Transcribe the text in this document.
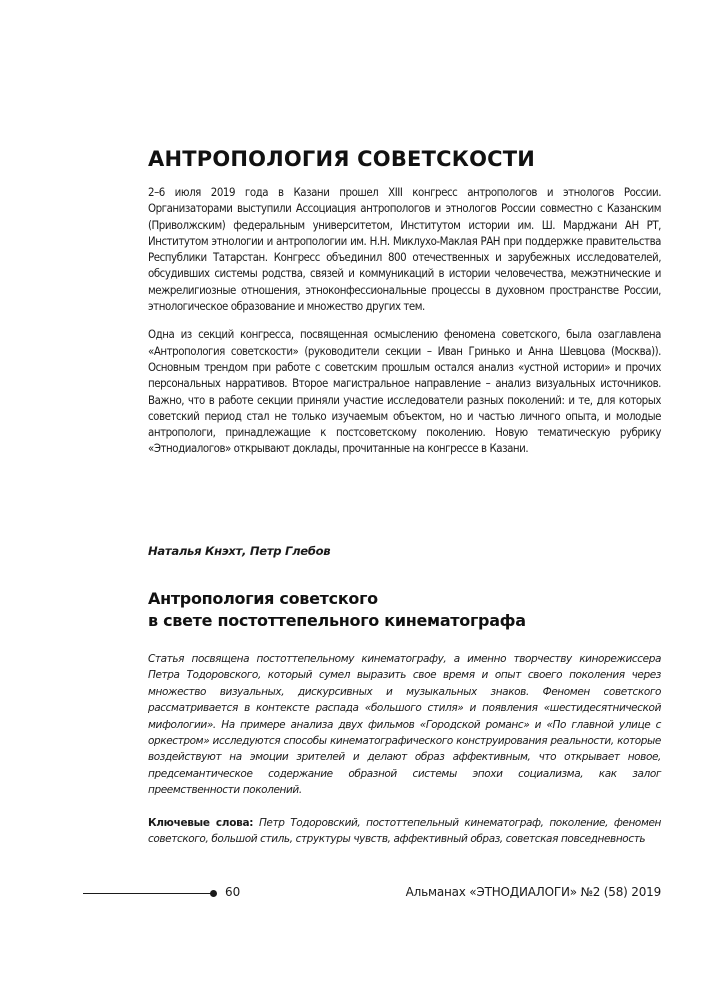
АНТРОПОЛОГИЯ СОВЕТСКОСТИ

2–6 июля 2019 года в Казани прошел XIII конгресс антропологов и этнологов России. Организаторами выступили Ассоциация антропологов и этнологов России совместно с Казанским (Приволжским) федеральным университетом, Институтом истории им. Ш. Марджани АН РТ, Институтом этнологии и антропологии им. Н.Н. Миклухо-Маклая РАН при поддержке правительства Республики Татарстан. Конгресс объединил 800 отечественных и зарубежных исследователей, обсудивших системы родства, связей и коммуникаций в истории человечества, межэтнические и межрелигиозные отношения, этноконфессиональные процессы в духовном пространстве России, этнологическое образование и множество других тем.

Одна из секций конгресса, посвященная осмыслению феномена советского, была озаглавлена «Антропология советскости» (руководители секции – Иван Гринько и Анна Шевцова (Москва)). Основным трендом при работе с советским прошлым остался анализ «устной истории» и прочих персональных нарративов. Второе магистральное направление – анализ визуальных источников. Важно, что в работе секции приняли участие исследователи разных поколений: и те, для которых советский период стал не только изучаемым объектом, но и частью личного опыта, и молодые антропологи, принадлежащие к постсоветскому поколению. Новую тематическую рубрику «Этнодиалогов» открывают доклады, прочитанные на конгрессе в Казани.

Наталья Кнэхт, Петр Глебов

Антропология советского
в свете постоттепельного кинематографа

Статья посвящена постоттепельному кинематографу, а именно творчеству кинорежиссера Петра Тодоровского, который сумел выразить свое время и опыт своего поколения через множество визуальных, дискурсивных и музыкальных знаков. Феномен советского рассматривается в контексте распада «большого стиля» и появления «шестидесятнической мифологии». На примере анализа двух фильмов «Городской романс» и «По главной улице с оркестром» исследуются способы кинематографического конструирования реальности, которые воздействуют на эмоции зрителей и делают образ аффективным, что открывает новое, предсемантическое содержание образной системы эпохи социализма, как залог преемственности поколений.

Ключевые слова: Петр Тодоровский, постоттепельный кинематограф, поколение, феномен советского, большой стиль, структуры чувств, аффективный образ, советская повседневность

60	Альманах «ЭТНОДИАЛОГИ» №2 (58) 2019
